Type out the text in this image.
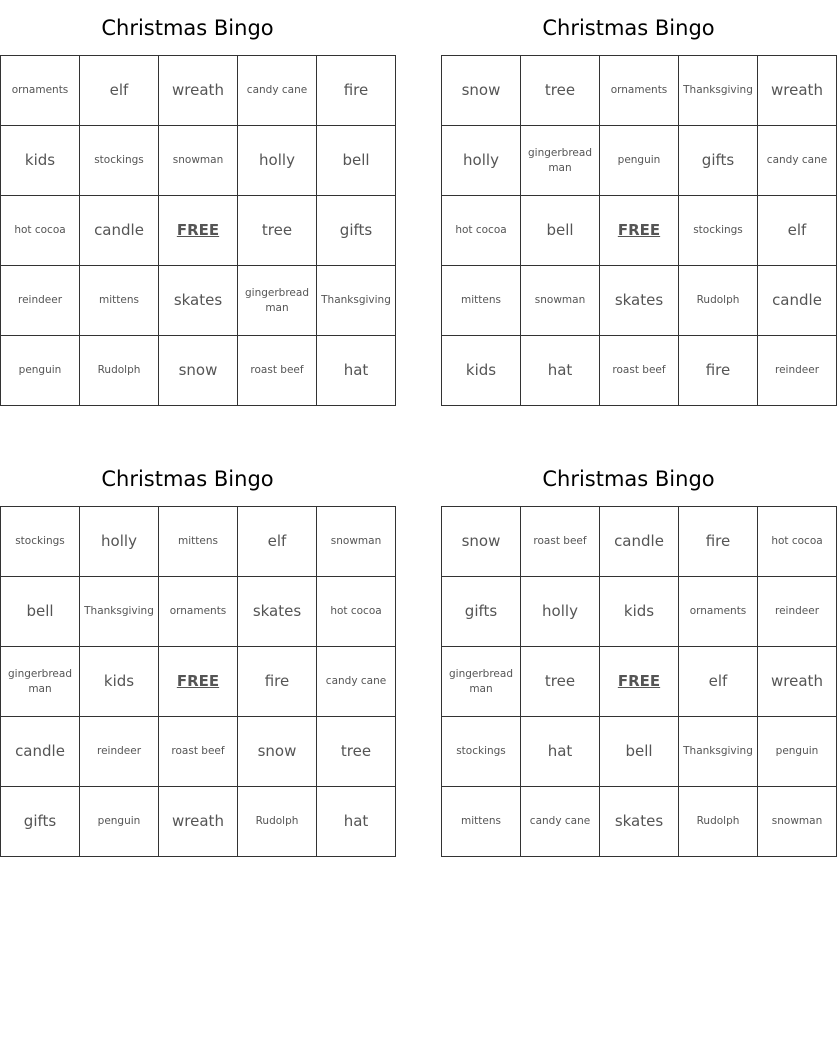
Christmas Bingo
ornaments	elf	wreath	candy cane	fire
kids	stockings	snowman	holly	bell
hot cocoa	candle	FREE	tree	gifts
reindeer	mittens	skates	gingerbread man	Thanksgiving
penguin	Rudolph	snow	roast beef	hat
Christmas Bingo
snow	tree	ornaments	Thanksgiving	wreath
holly	gingerbread man	penguin	gifts	candy cane
hot cocoa	bell	FREE	stockings	elf
mittens	snowman	skates	Rudolph	candle
kids	hat	roast beef	fire	reindeer
Christmas Bingo
stockings	holly	mittens	elf	snowman
bell	Thanksgiving	ornaments	skates	hot cocoa
gingerbread man	kids	FREE	fire	candy cane
candle	reindeer	roast beef	snow	tree
gifts	penguin	wreath	Rudolph	hat
Christmas Bingo
snow	roast beef	candle	fire	hot cocoa
gifts	holly	kids	ornaments	reindeer
gingerbread man	tree	FREE	elf	wreath
stockings	hat	bell	Thanksgiving	penguin
mittens	candy cane	skates	Rudolph	snowman
